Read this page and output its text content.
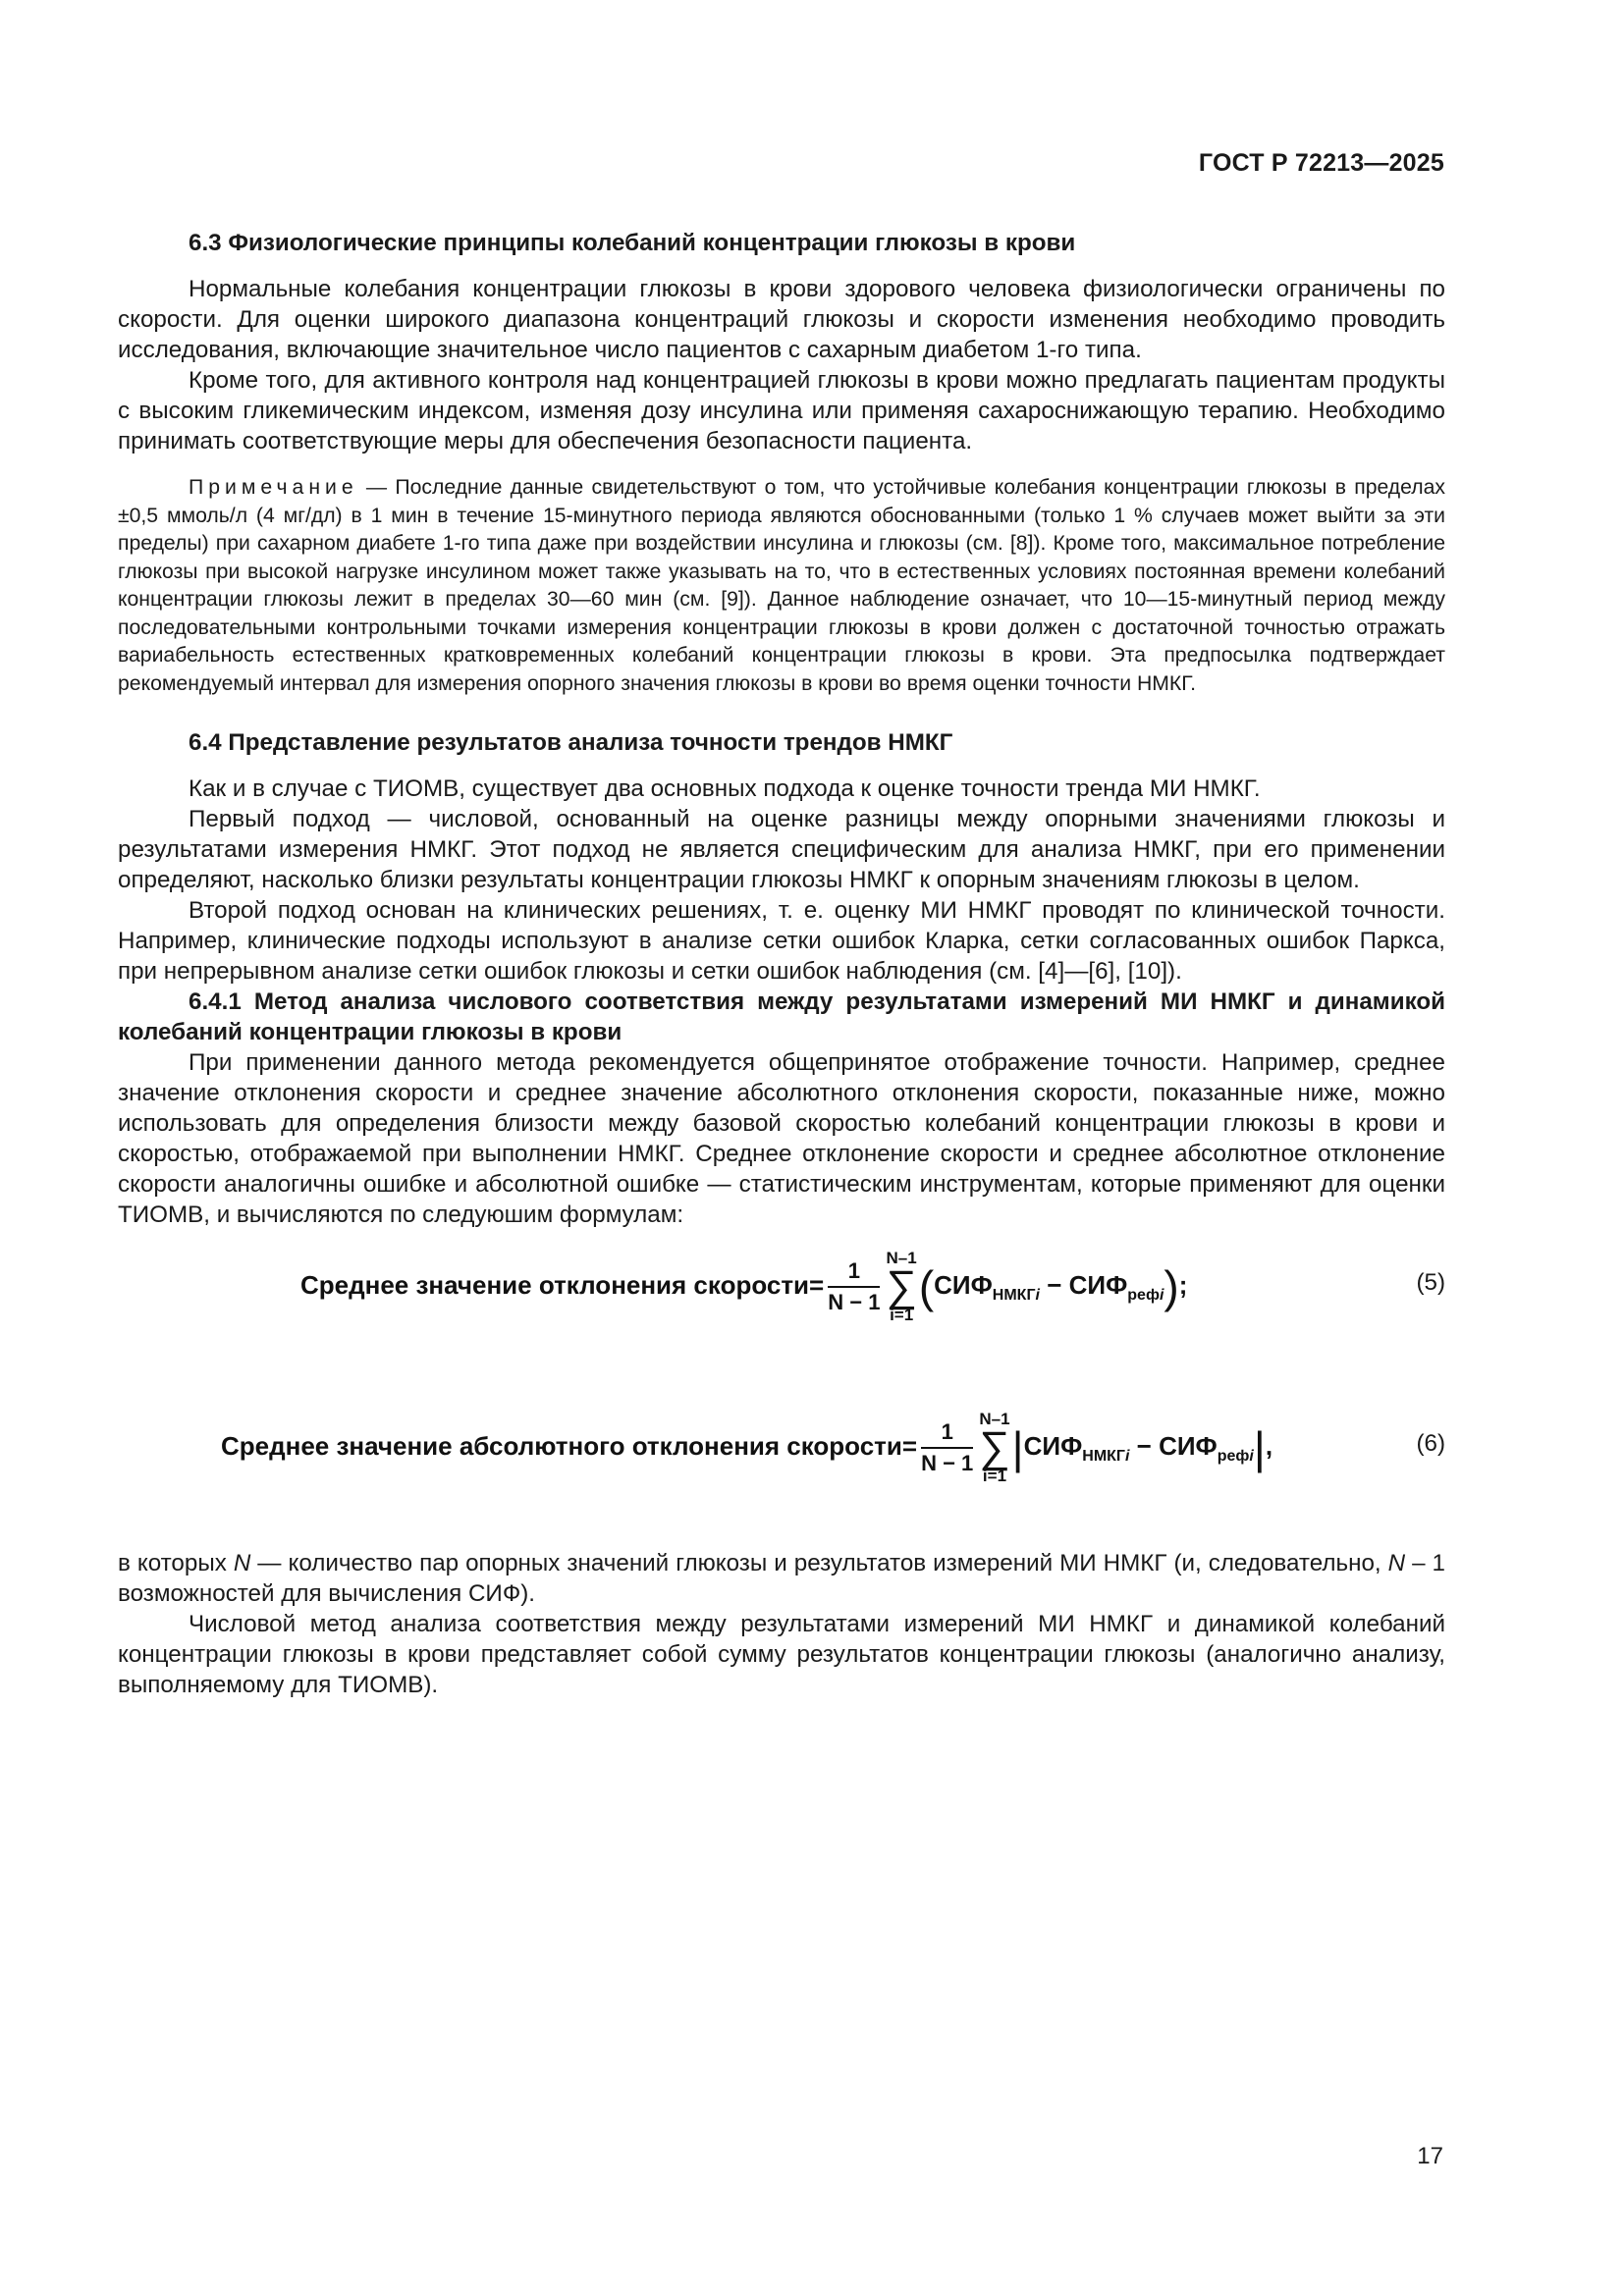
ГОСТ Р 72213—2025

6.3 Физиологические принципы колебаний концентрации глюкозы в крови

Нормальные колебания концентрации глюкозы в крови здорового человека физиологически ограничены по скорости. Для оценки широкого диапазона концентраций глюкозы и скорости изменения необходимо проводить исследования, включающие значительное число пациентов с сахарным диабетом 1-го типа.

Кроме того, для активного контроля над концентрацией глюкозы в крови можно предлагать пациентам продукты с высоким гликемическим индексом, изменяя дозу инсулина или применяя сахароснижающую терапию. Необходимо принимать соответствующие меры для обеспечения безопасности пациента.

Примечание — Последние данные свидетельствуют о том, что устойчивые колебания концентрации глюкозы в пределах ±0,5 ммоль/л (4 мг/дл) в 1 мин в течение 15-минутного периода являются обоснованными (только 1 % случаев может выйти за эти пределы) при сахарном диабете 1-го типа даже при воздействии инсулина и глюкозы (см. [8]). Кроме того, максимальное потребление глюкозы при высокой нагрузке инсулином может также указывать на то, что в естественных условиях постоянная времени колебаний концентрации глюкозы лежит в пределах 30—60 мин (см. [9]). Данное наблюдение означает, что 10—15-минутный период между последовательными контрольными точками измерения концентрации глюкозы в крови должен с достаточной точностью отражать вариабельность естественных кратковременных колебаний концентрации глюкозы в крови. Эта предпосылка подтверждает рекомендуемый интервал для измерения опорного значения глюкозы в крови во время оценки точности НМКГ.

6.4 Представление результатов анализа точности трендов НМКГ

Как и в случае с ТИОМВ, существует два основных подхода к оценке точности тренда МИ НМКГ.

Первый подход — числовой, основанный на оценке разницы между опорными значениями глюкозы и результатами измерения НМКГ. Этот подход не является специфическим для анализа НМКГ, при его применении определяют, насколько близки результаты концентрации глюкозы НМКГ к опорным значениям глюкозы в целом.

Второй подход основан на клинических решениях, т. е. оценку МИ НМКГ проводят по клинической точности. Например, клинические подходы используют в анализе сетки ошибок Кларка, сетки согласованных ошибок Паркса, при непрерывном анализе сетки ошибок глюкозы и сетки ошибок наблюдения (см. [4]—[6], [10]).

6.4.1 Метод анализа числового соответствия между результатами измерений МИ НМКГ и динамикой колебаний концентрации глюкозы в крови

При применении данного метода рекомендуется общепринятое отображение точности. Например, среднее значение отклонения скорости и среднее значение абсолютного отклонения скорости, показанные ниже, можно использовать для определения близости между базовой скоростью колебаний концентрации глюкозы в крови и скоростью, отображаемой при выполнении НМКГ. Среднее отклонение скорости и среднее абсолютное отклонение скорости аналогичны ошибке и абсолютной ошибке — статистическим инструментам, которые применяют для оценки ТИОМВ, и вычисляются по следуюшим формулам:

Среднее значение отклонения скорости= $\frac{1}{N - 1}$
N–1
∑
$i=1(СИФ_{НМКГi} - СИФ_{рефi})$;	(5)
Среднее значение абсолютного отклонения скорости= $\frac{1}{N - 1}$
N–1
∑
$i=1|СИФ_{НМКГi} - СИФ_{рефi}|$,	(6)

в которых N — количество пар опорных значений глюкозы и результатов измерений МИ НМКГ (и, следовательно, N – 1 возможностей для вычисления СИФ).

Числовой метод анализа соответствия между результатами измерений МИ НМКГ и динамикой колебаний концентрации глюкозы в крови представляет собой сумму результатов концентрации глюкозы (аналогично анализу, выполняемому для ТИОМВ).

17
